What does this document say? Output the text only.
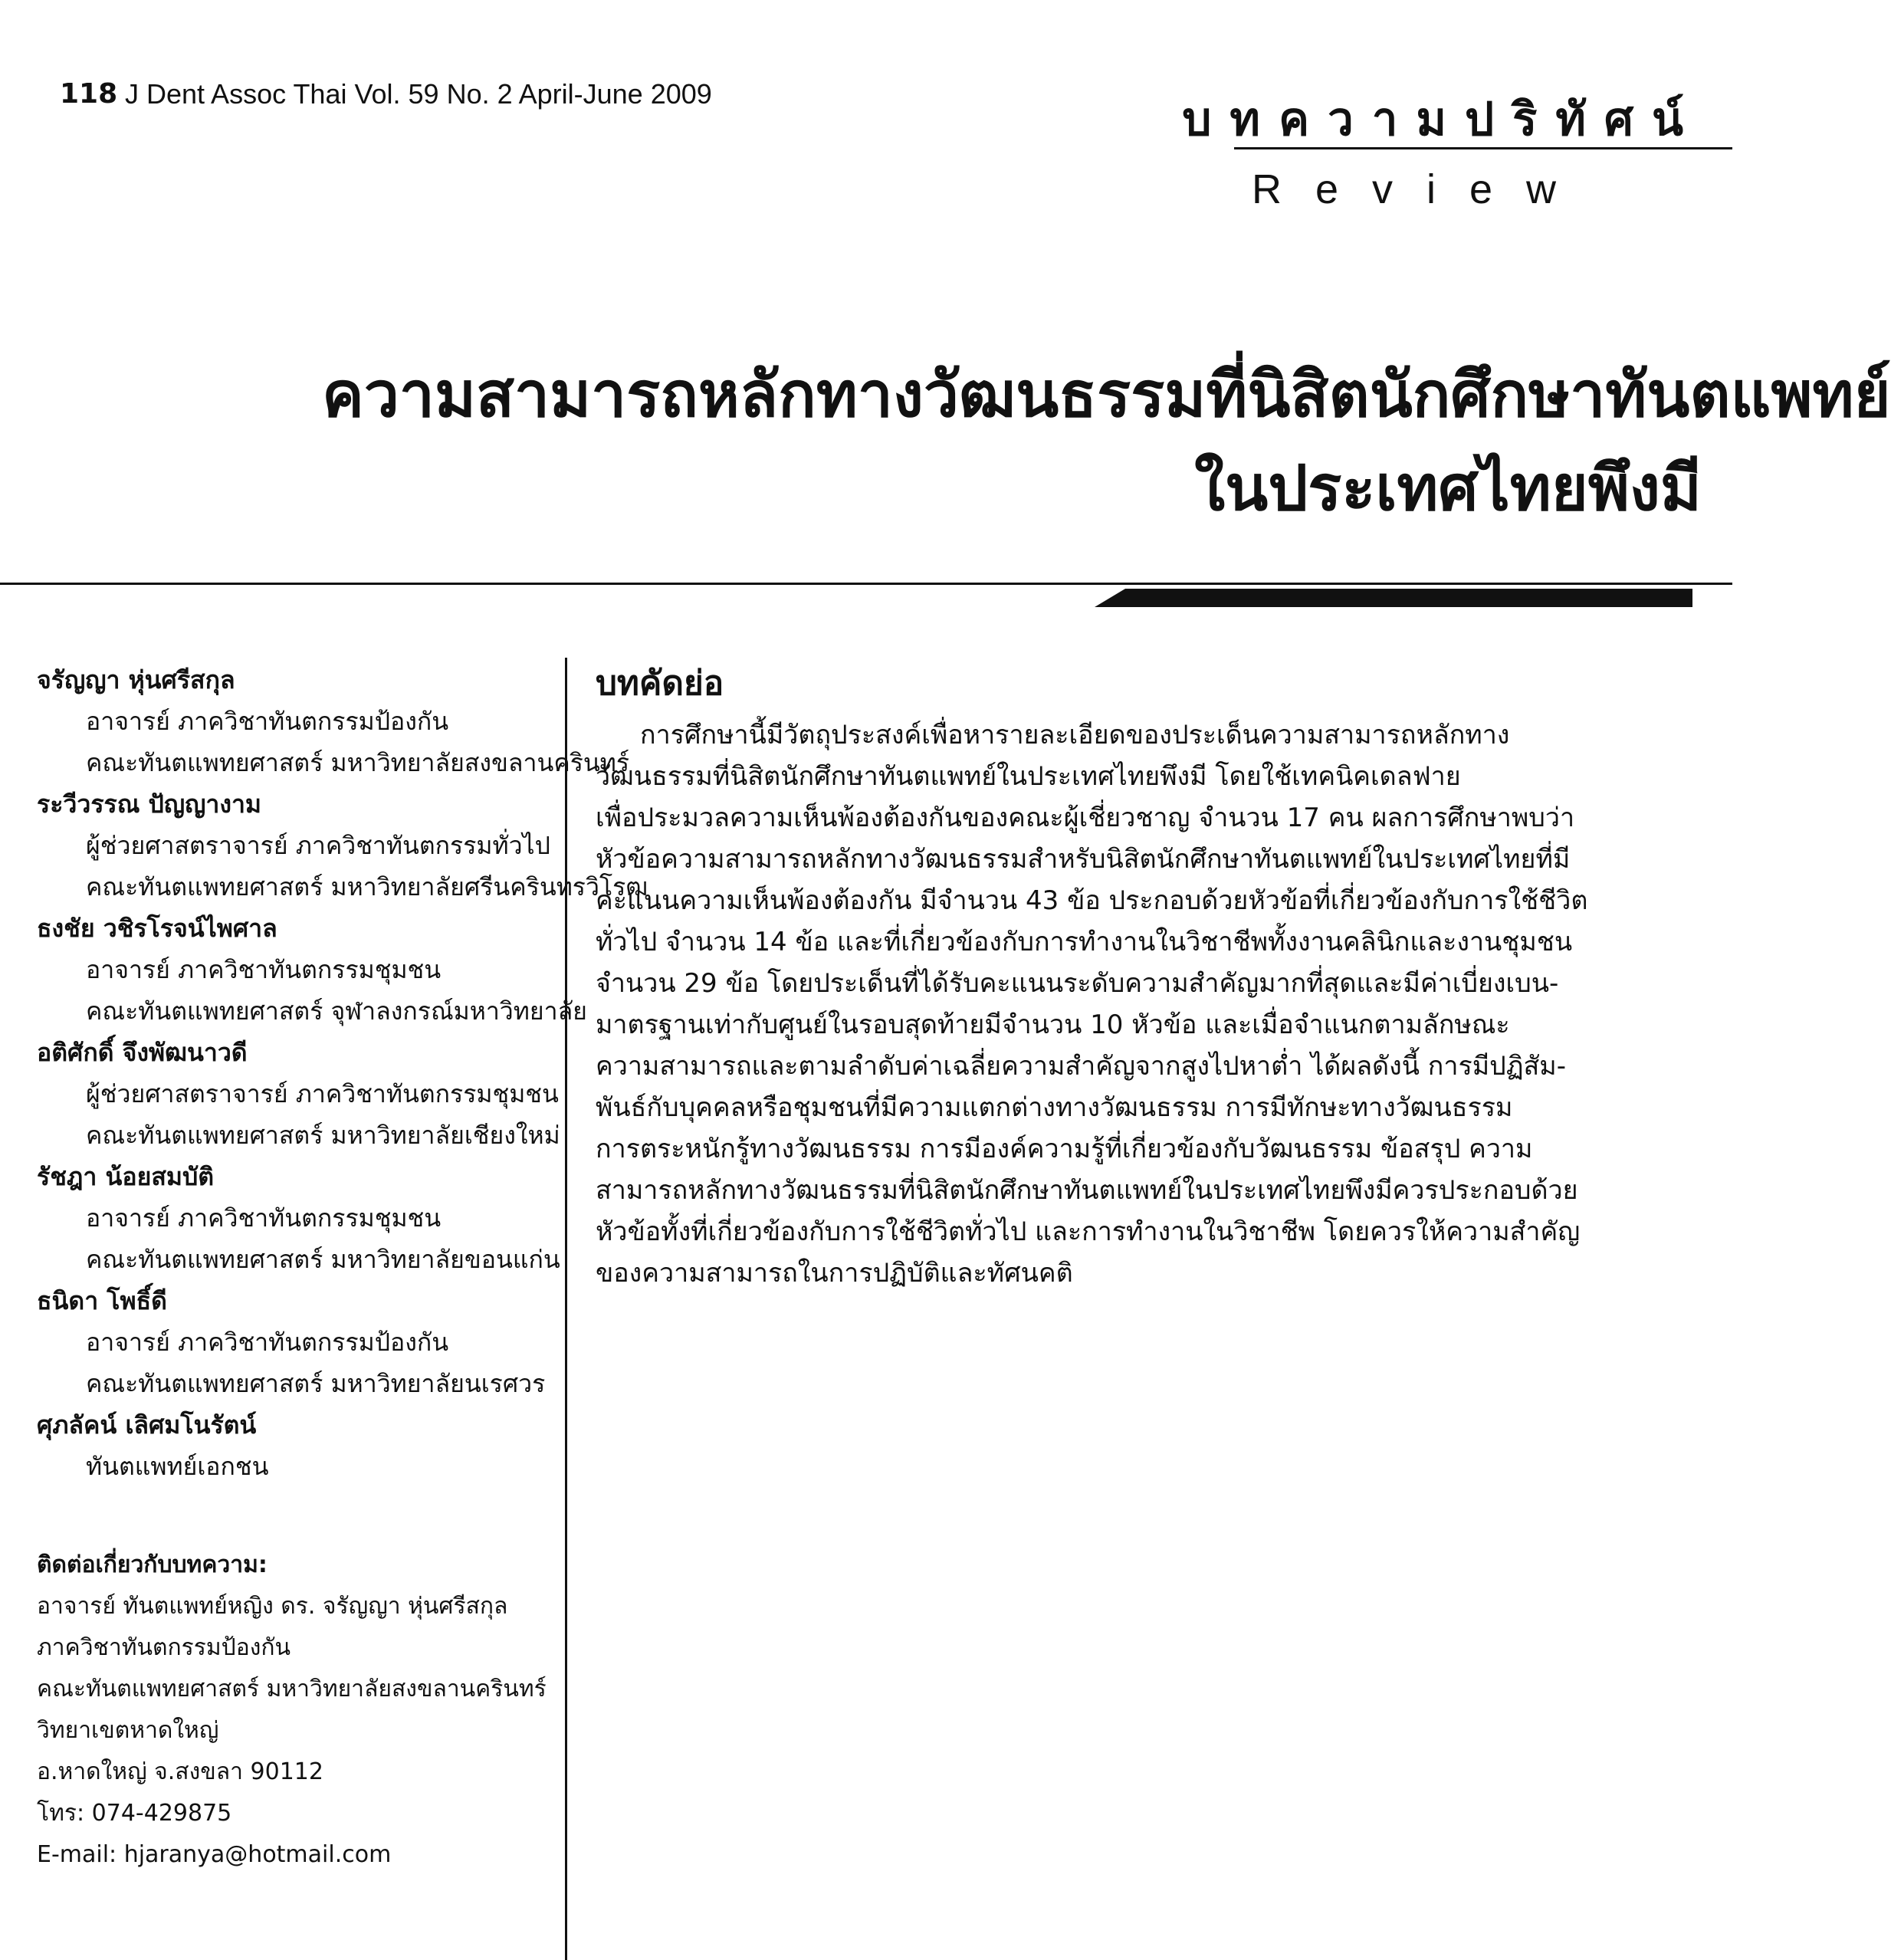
118 J Dent Assoc Thai Vol. 59 No. 2 April-June 2009	บทความปริทัศน์
Review
ความสามารถหลักทางวัฒนธรรมที่นิสิตนักศึกษาทันตแพทย์
ในประเทศไทยพึงมี
จรัญญา หุ่นศรีสกุล
อาจารย์ ภาควิชาทันตกรรมป้องกัน
คณะทันตแพทยศาสตร์ มหาวิทยาลัยสงขลานครินทร์
ระวีวรรณ ปัญญางาม
ผู้ช่วยศาสตราจารย์ ภาควิชาทันตกรรมทั่วไป
คณะทันตแพทยศาสตร์ มหาวิทยาลัยศรีนครินทรวิโรฒ
ธงชัย วชิรโรจน์ไพศาล
อาจารย์ ภาควิชาทันตกรรมชุมชน
คณะทันตแพทยศาสตร์ จุฬาลงกรณ์มหาวิทยาลัย
อติศักดิ์ จึงพัฒนาวดี
ผู้ช่วยศาสตราจารย์ ภาควิชาทันตกรรมชุมชน
คณะทันตแพทยศาสตร์ มหาวิทยาลัยเชียงใหม่
รัชฎา น้อยสมบัติ
อาจารย์ ภาควิชาทันตกรรมชุมชน
คณะทันตแพทยศาสตร์ มหาวิทยาลัยขอนแก่น
ธนิดา โพธิ์ดี
อาจารย์ ภาควิชาทันตกรรมป้องกัน
คณะทันตแพทยศาสตร์ มหาวิทยาลัยนเรศวร
ศุภลัคน์ เลิศมโนรัตน์
ทันตแพทย์เอกชน
ติดต่อเกี่ยวกับบทความ:
อาจารย์ ทันตแพทย์หญิง ดร. จรัญญา หุ่นศรีสกุล
ภาควิชาทันตกรรมป้องกัน
คณะทันตแพทยศาสตร์ มหาวิทยาลัยสงขลานครินทร์
วิทยาเขตหาดใหญ่
อ.หาดใหญ่ จ.สงขลา 90112
โทร: 074-429875
E-mail: hjaranya@hotmail.com
บทคัดย่อ
การศึกษานี้มีวัตถุประสงค์เพื่อหารายละเอียดของประเด็นความสามารถหลักทาง
วัฒนธรรมที่นิสิตนักศึกษาทันตแพทย์ในประเทศไทยพึงมี โดยใช้เทคนิคเดลฟาย
เพื่อประมวลความเห็นพ้องต้องกันของคณะผู้เชี่ยวชาญ จำนวน 17 คน ผลการศึกษาพบว่า
หัวข้อความสามารถหลักทางวัฒนธรรมสำหรับนิสิตนักศึกษาทันตแพทย์ในประเทศไทยที่มี
คะแนนความเห็นพ้องต้องกัน มีจำนวน 43 ข้อ ประกอบด้วยหัวข้อที่เกี่ยวข้องกับการใช้ชีวิต
ทั่วไป จำนวน 14 ข้อ และที่เกี่ยวข้องกับการทำงานในวิชาชีพทั้งงานคลินิกและงานชุมชน
จำนวน 29 ข้อ โดยประเด็นที่ได้รับคะแนนระดับความสำคัญมากที่สุดและมีค่าเบี่ยงเบน-
มาตรฐานเท่ากับศูนย์ในรอบสุดท้ายมีจำนวน 10 หัวข้อ และเมื่อจำแนกตามลักษณะ
ความสามารถและตามลำดับค่าเฉลี่ยความสำคัญจากสูงไปหาต่ำ ได้ผลดังนี้ การมีปฏิสัม-
พันธ์กับบุคคลหรือชุมชนที่มีความแตกต่างทางวัฒนธรรม การมีทักษะทางวัฒนธรรม
การตระหนักรู้ทางวัฒนธรรม การมีองค์ความรู้ที่เกี่ยวข้องกับวัฒนธรรม ข้อสรุป ความ
สามารถหลักทางวัฒนธรรมที่นิสิตนักศึกษาทันตแพทย์ในประเทศไทยพึงมีควรประกอบด้วย
หัวข้อทั้งที่เกี่ยวข้องกับการใช้ชีวิตทั่วไป และการทำงานในวิชาชีพ โดยควรให้ความสำคัญ
ของความสามารถในการปฏิบัติและทัศนคติ
